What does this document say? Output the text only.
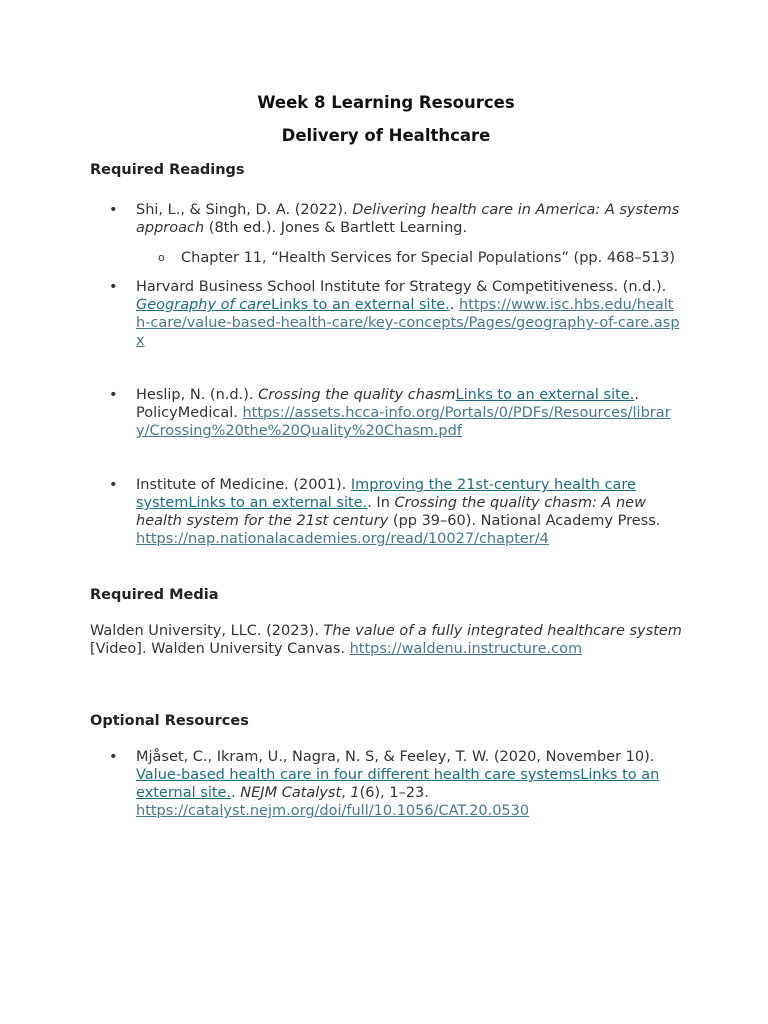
Week 8 Learning Resources
Delivery of Healthcare
Required Readings
• Shi, L., & Singh, D. A. (2022). Delivering health care in America: A systems approach (8th ed.). Jones & Bartlett Learning.
o Chapter 11, “Health Services for Special Populations” (pp. 468–513)
• Harvard Business School Institute for Strategy & Competitiveness. (n.d.). Geography of careLinks to an external site.. https://www.isc.hbs.edu/health-care/value-based-health-care/key-concepts/Pages/geography-of-care.aspx
• Heslip, N. (n.d.). Crossing the quality chasmLinks to an external site.. PolicyMedical. https://assets.hcca-info.org/Portals/0/PDFs/Resources/library/Crossing%20the%20Quality%20Chasm.pdf
• Institute of Medicine. (2001). Improving the 21st-century health care systemLinks to an external site.. In Crossing the quality chasm: A new health system for the 21st century (pp 39–60). National Academy Press. https://nap.nationalacademies.org/read/10027/chapter/4
Required Media

Walden University, LLC. (2023). The value of a fully integrated healthcare system [Video]. Walden University Canvas. https://waldenu.instructure.com

Optional Resources
• Mjåset, C., Ikram, U., Nagra, N. S, & Feeley, T. W. (2020, November 10). Value-based health care in four different health care systemsLinks to an external site.. NEJM Catalyst, 1(6), 1–23. https://catalyst.nejm.org/doi/full/10.1056/CAT.20.0530
